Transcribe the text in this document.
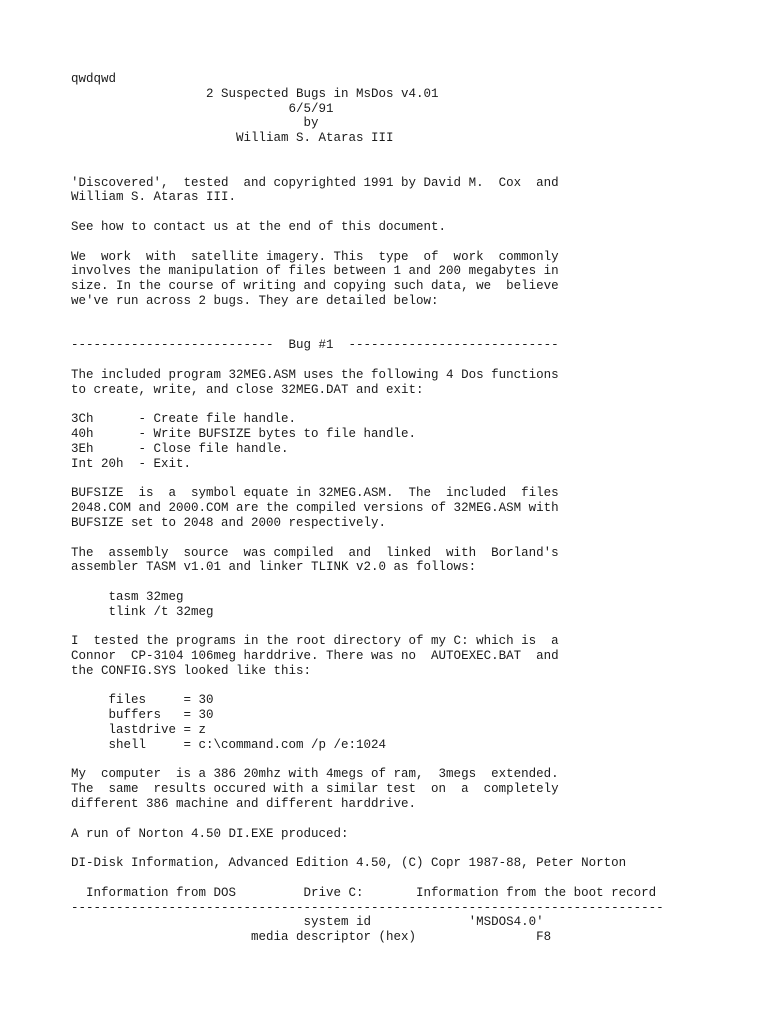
qwdqwd
2 Suspected Bugs in MsDos v4.01
6/5/91
by
William S. Ataras III
'Discovered',  tested  and copyrighted 1991 by David M.  Cox  and
William S. Ataras III.
See how to contact us at the end of this document.
We  work  with  satellite imagery. This  type  of  work  commonly
involves the manipulation of files between 1 and 200 megabytes in
size. In the course of writing and copying such data, we  believe
we've run across 2 bugs. They are detailed below:
---------------------------  Bug #1  ----------------------------
The included program 32MEG.ASM uses the following 4 Dos functions
to create, write, and close 32MEG.DAT and exit:
3Ch      - Create file handle.
40h      - Write BUFSIZE bytes to file handle.
3Eh      - Close file handle.
Int 20h  - Exit.
BUFSIZE  is  a  symbol equate in 32MEG.ASM.  The  included  files
2048.COM and 2000.COM are the compiled versions of 32MEG.ASM with
BUFSIZE set to 2048 and 2000 respectively.
The  assembly  source  was compiled  and  linked  with  Borland's
assembler TASM v1.01 and linker TLINK v2.0 as follows:
tasm 32meg
tlink /t 32meg
I  tested the programs in the root directory of my C: which is  a
Connor  CP-3104 106meg harddrive. There was no  AUTOEXEC.BAT  and
the CONFIG.SYS looked like this:
files     = 30
buffers   = 30
lastdrive = z
shell     = c:\command.com /p /e:1024
My  computer  is a 386 20mhz with 4megs of ram,  3megs  extended.
The  same  results occured with a similar test  on  a  completely
different 386 machine and different harddrive.
A run of Norton 4.50 DI.EXE produced:
DI-Disk Information, Advanced Edition 4.50, (C) Copr 1987-88, Peter Norton
Information from DOS         Drive C:       Information from the boot record
-------------------------------------------------------------------------------
system id             'MSDOS4.0'
media descriptor (hex)                F8
